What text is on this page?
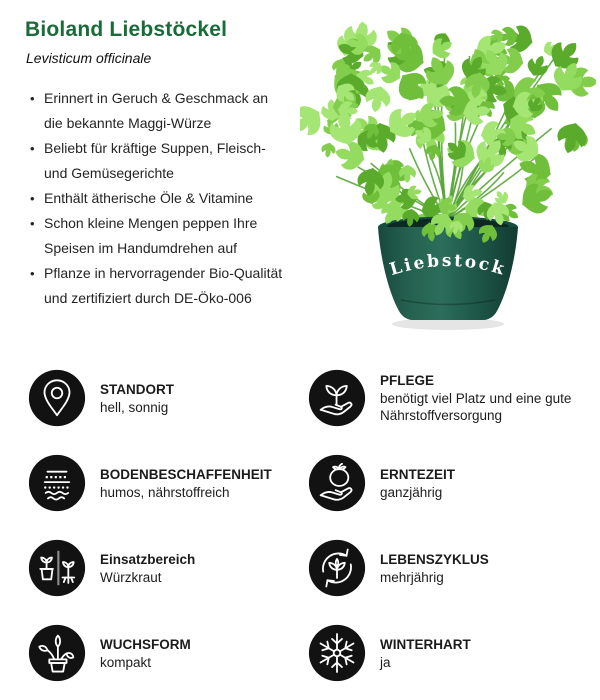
Bioland Liebstöckel
Levisticum officinale
• Erinnert in Geruch & Geschmack an die bekannte Maggi-Würze
• Beliebt für kräftige Suppen, Fleisch- und Gemüsegerichte
• Enthält ätherische Öle & Vitamine
• Schon kleine Mengen peppen Ihre Speisen im Handumdrehen auf
• Pflanze in hervorragender Bio-Qualität und zertifiziert durch DE-Öko-006
Liebstock
STANDORT
hell, sonnig
PFLEGE
benötigt viel Platz und eine gute Nährstoffversorgung
BODENBESCHAFFENHEIT
humos, nährstoffreich
ERNTEZEIT
ganzjährig
Einsatzbereich
Würzkraut
LEBENSZYKLUS
mehrjährig
WUCHSFORM
kompakt
WINTERHART
ja
